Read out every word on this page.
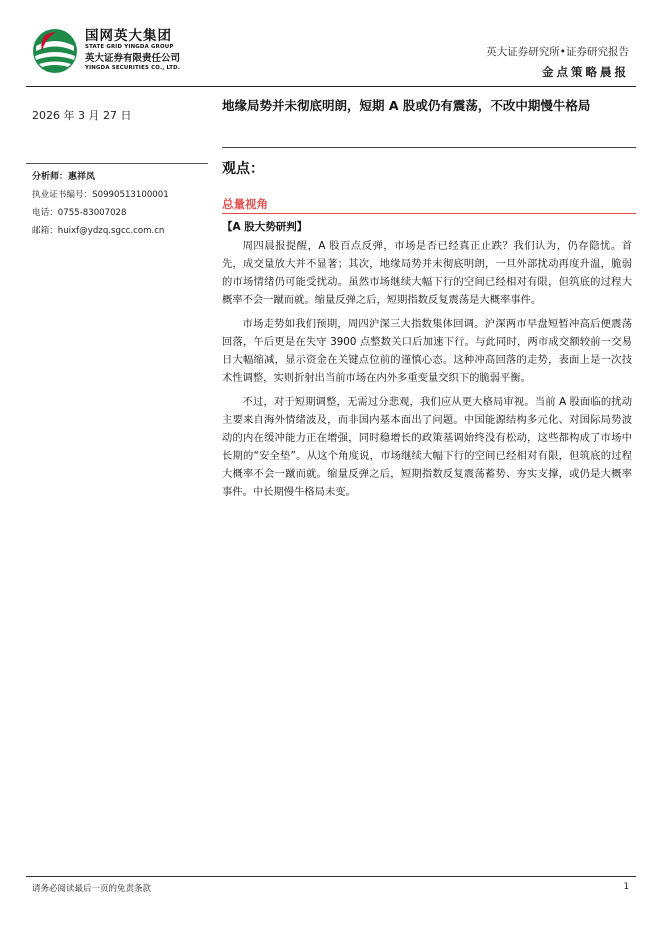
国网英大集团
STATE GRID YINGDA GROUP
英大证券有限责任公司
YINGDA SECURITIES CO., LTD.
英大证券研究所•证券研究报告
金点策略晨报
2026 年 3 月 27 日
地缘局势并未彻底明朗，短期 A 股或仍有震荡，不改中期慢牛格局
分析师：惠祥凤
执业证书编号：S0990513100001
电话：0755-83007028
邮箱：huixf@ydzq.sgcc.com.cn
观点：
总量视角
【A 股大势研判】

周四晨报提醒，A 股百点反弹，市场是否已经真正止跌？我们认为，仍存隐忧。首先，成交量放大并不显著；其次，地缘局势并未彻底明朗，一旦外部扰动再度升温，脆弱的市场情绪仍可能受扰动。虽然市场继续大幅下行的空间已经相对有限，但筑底的过程大概率不会一蹴而就。缩量反弹之后，短期指数反复震荡是大概率事件。

市场走势如我们预期，周四沪深三大指数集体回调。沪深两市早盘短暂冲高后便震荡回落，午后更是在失守 3900 点整数关口后加速下行。与此同时，两市成交额较前一交易日大幅缩减，显示资金在关键点位前的谨慎心态。这种冲高回落的走势，表面上是一次技术性调整，实则折射出当前市场在内外多重变量交织下的脆弱平衡。

不过，对于短期调整，无需过分悲观，我们应从更大格局审视。当前 A 股面临的扰动主要来自海外情绪波及，而非国内基本面出了问题。中国能源结构多元化、对国际局势波动的内在缓冲能力正在增强，同时稳增长的政策基调始终没有松动，这些都构成了市场中长期的“安全垫”。从这个角度说，市场继续大幅下行的空间已经相对有限，但筑底的过程大概率不会一蹴而就。缩量反弹之后，短期指数反复震荡蓄势、夯实支撑，或仍是大概率事件。中长期慢牛格局未变。

请务必阅读最后一页的免责条款	1
